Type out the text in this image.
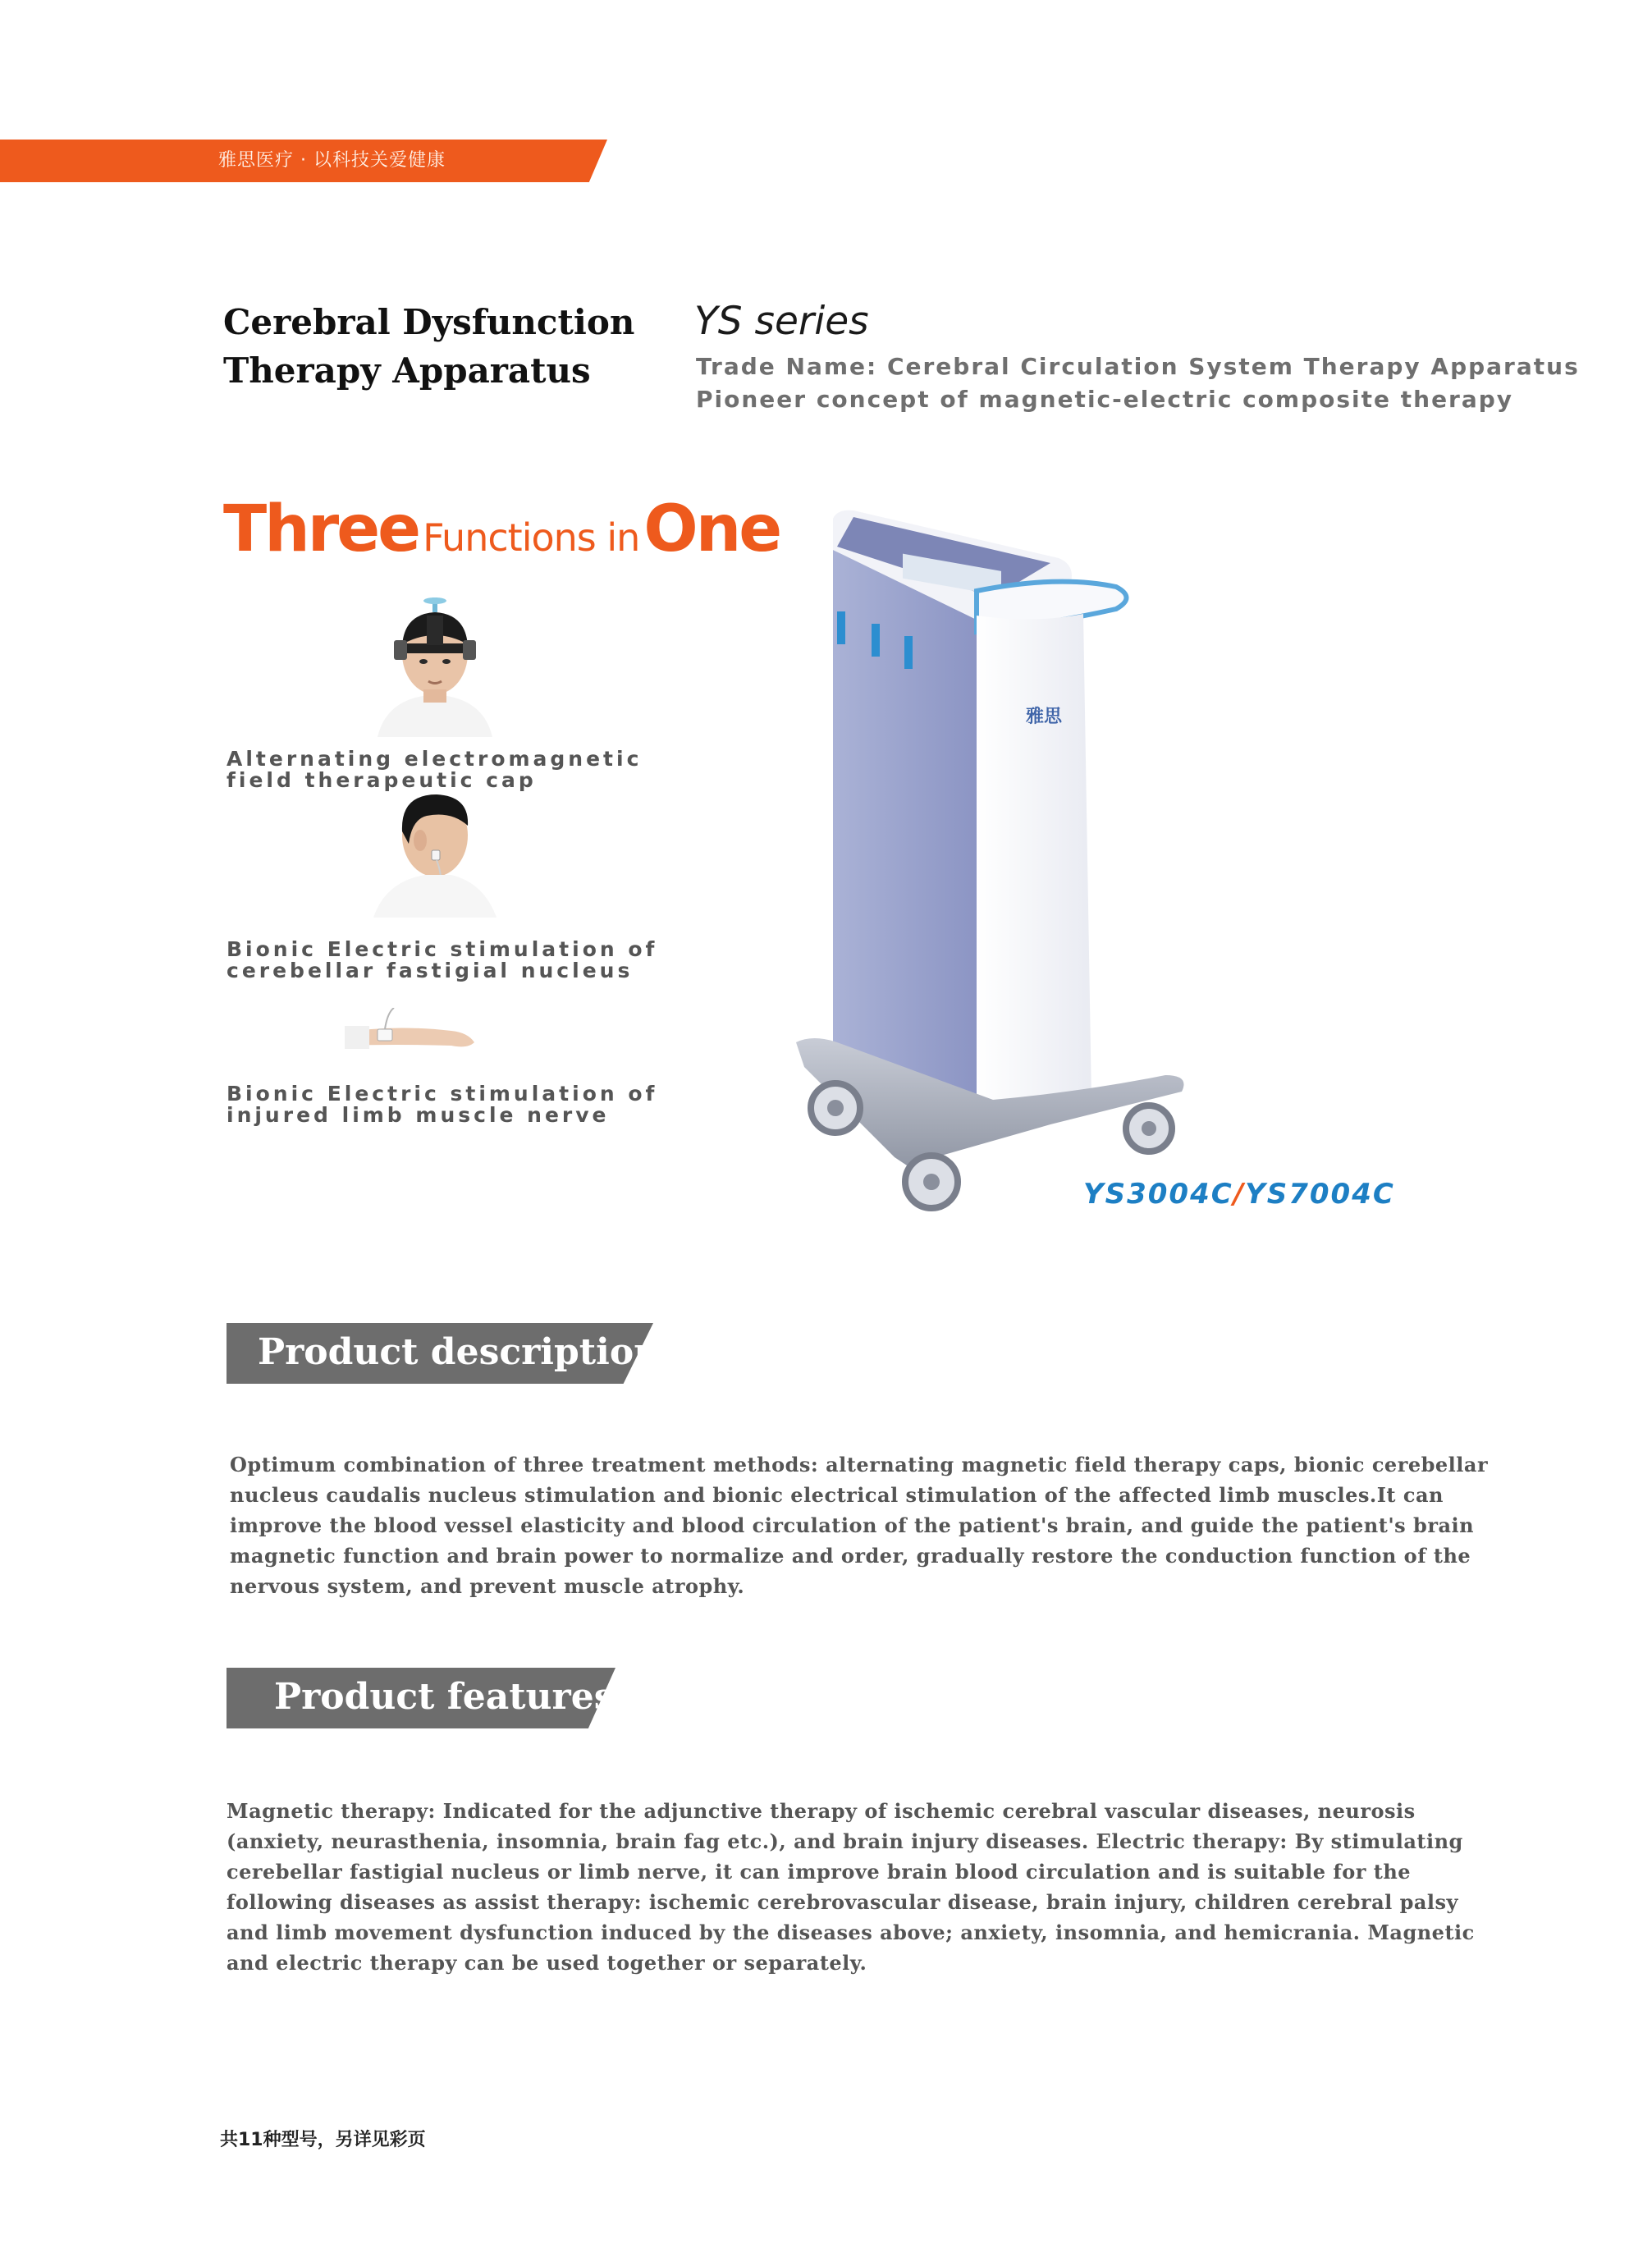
雅思医疗 · 以科技关爱健康
Cerebral Dysfunction
Therapy Apparatus
YS series
Trade Name: Cerebral Circulation System Therapy Apparatus
Pioneer concept of magnetic-electric composite therapy
Three Functions in One
Alternating electromagnetic
field therapeutic cap
Bionic Electric stimulation of
cerebellar fastigial nucleus
Bionic Electric stimulation of
injured limb muscle nerve
雅思
YS3004C/YS7004C
Product description
Optimum combination of three treatment methods: alternating magnetic field therapy caps, bionic cerebellar nucleus caudalis nucleus stimulation and bionic electrical stimulation of the affected limb muscles.It can improve the blood vessel elasticity and blood circulation of the patient's brain, and guide the patient's brain magnetic function and brain power to normalize and order, gradually restore the conduction function of the nervous system, and prevent muscle atrophy.
Product features
Magnetic therapy: Indicated for the adjunctive therapy of ischemic cerebral vascular diseases, neurosis (anxiety, neurasthenia, insomnia, brain fag etc.), and brain injury diseases. Electric therapy: By stimulating cerebellar fastigial nucleus or limb nerve, it can improve brain blood circulation and is suitable for the following diseases as assist therapy: ischemic cerebrovascular disease, brain injury, children cerebral palsy and limb movement dysfunction induced by the diseases above; anxiety, insomnia, and hemicrania. Magnetic and electric therapy can be used together or separately.
共11种型号，另详见彩页
